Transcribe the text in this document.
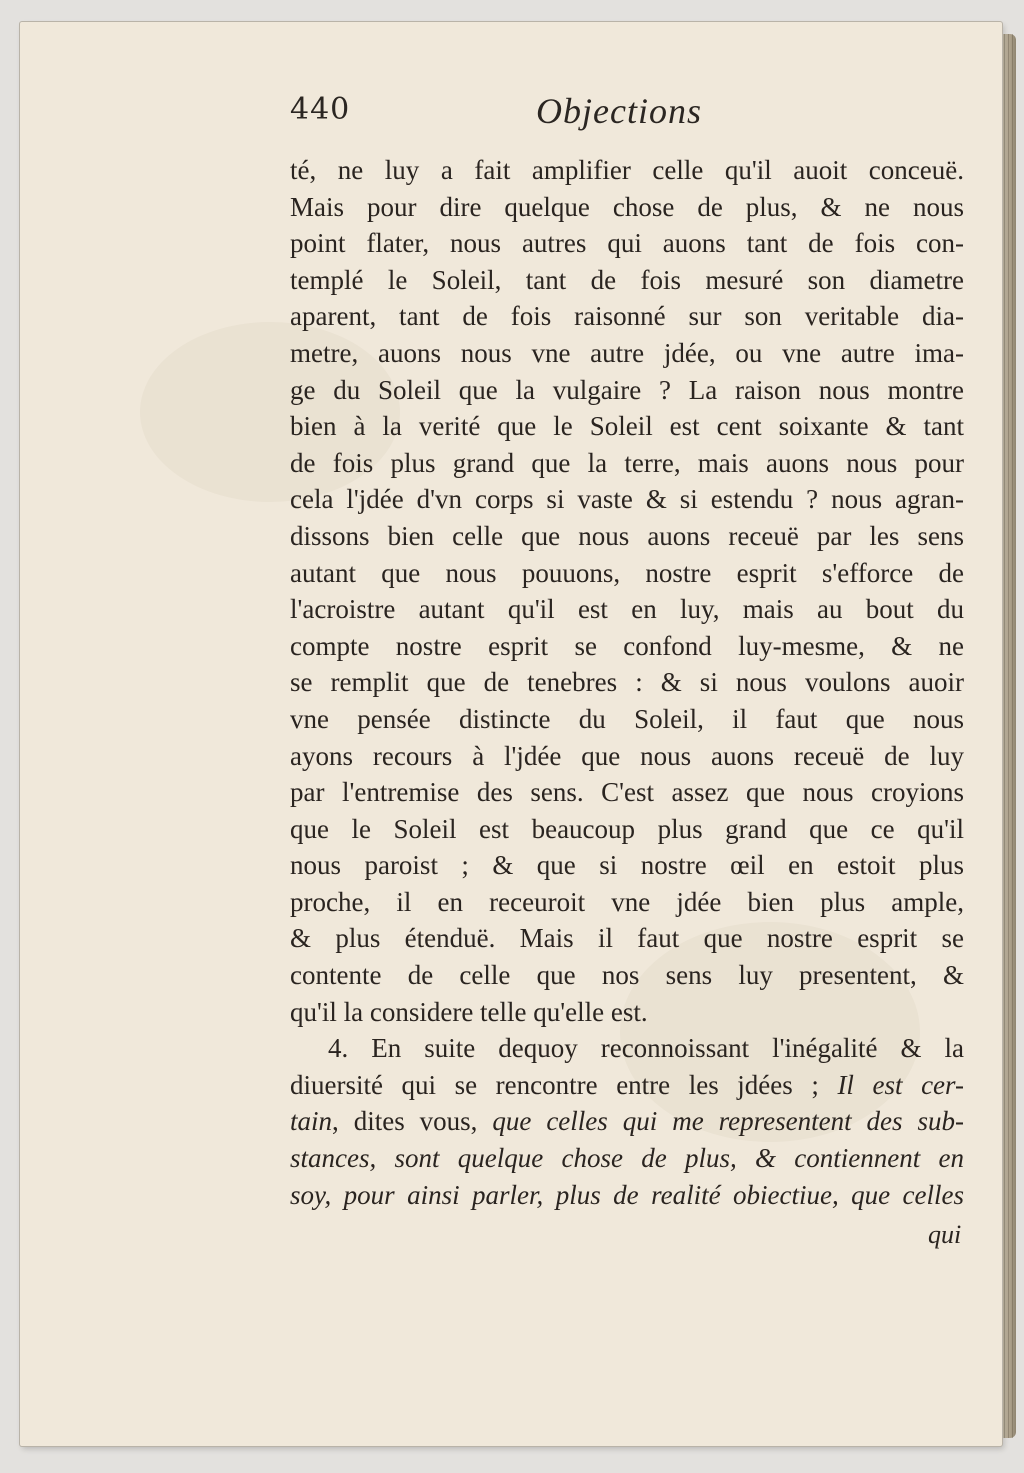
440	Objections
té, ne luy a fait amplifier celle qu'il auoit conceuë.
Mais pour dire quelque chose de plus, & ne nous
point flater, nous autres qui auons tant de fois con-
templé le Soleil, tant de fois mesuré son diametre
aparent, tant de fois raisonné sur son veritable dia-
metre, auons nous vne autre jdée, ou vne autre ima-
ge du Soleil que la vulgaire ? La raison nous montre
bien à la verité que le Soleil est cent soixante & tant
de fois plus grand que la terre, mais auons nous pour
cela l'jdée d'vn corps si vaste & si estendu ? nous agran-
dissons bien celle que nous auons receuë par les sens
autant que nous pouuons, nostre esprit s'efforce de
l'acroistre autant qu'il est en luy, mais au bout du
compte nostre esprit se confond luy-mesme, & ne
se remplit que de tenebres : & si nous voulons auoir
vne pensée distincte du Soleil, il faut que nous
ayons recours à l'jdée que nous auons receuë de luy
par l'entremise des sens. C'est assez que nous croyions
que le Soleil est beaucoup plus grand que ce qu'il
nous paroist ; & que si nostre œil en estoit plus
proche, il en receuroit vne jdée bien plus ample,
& plus étenduë. Mais il faut que nostre esprit se
contente de celle que nos sens luy presentent, &
qu'il la considere telle qu'elle est.
4. En suite dequoy reconnoissant l'inégalité & la
diuersité qui se rencontre entre les jdées ; Il est cer-
tain, dites vous, que celles qui me representent des sub-
stances, sont quelque chose de plus, & contiennent en
soy, pour ainsi parler, plus de realité obiectiue, que celles
qui
